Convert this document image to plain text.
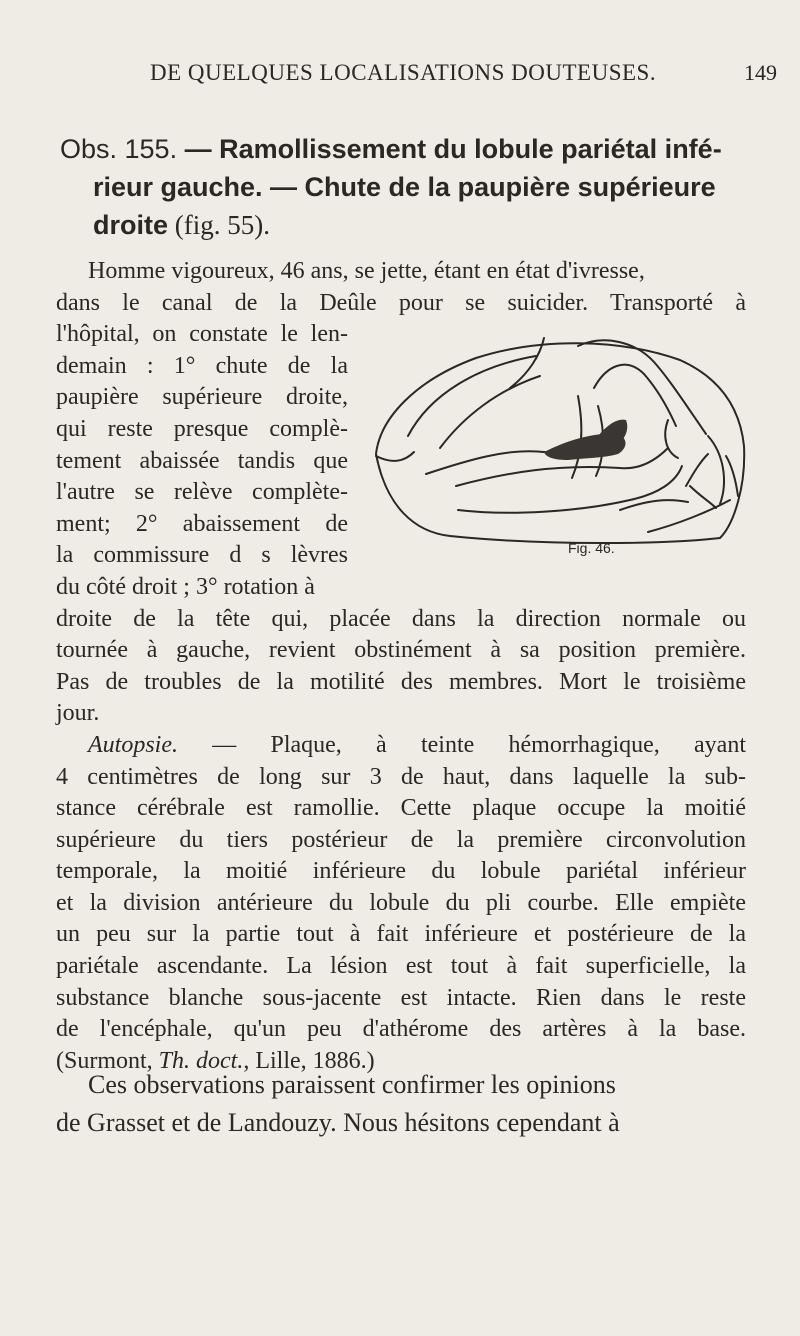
DE QUELQUES LOCALISATIONS DOUTEUSES.	149
Obs. 155. — Ramollissement du lobule pariétal infé-
rieur gauche. — Chute de la paupière supérieure
droite (fig. 55).
Homme vigoureux, 46 ans, se jette, étant en état d'ivresse,
dans le canal de la Deûle pour se suicider. Transporté à
l'hôpital, on constate le len-
demain : 1° chute de la
paupière supérieure droite,
qui reste presque complè-
tement abaissée tandis que
l'autre se relève complète-
ment; 2° abaissement de
la commissure d s lèvres
du côté droit ; 3° rotation à
droite de la tête qui, placée dans la direction normale ou
tournée à gauche, revient obstinément à sa position première.
Pas de troubles de la motilité des membres. Mort le troisième
jour.
Autopsie. — Plaque, à teinte hémorrhagique, ayant
4 centimètres de long sur 3 de haut, dans laquelle la sub-
stance cérébrale est ramollie. Cette plaque occupe la moitié
supérieure du tiers postérieur de la première circonvolution
temporale, la moitié inférieure du lobule pariétal inférieur
et la division antérieure du lobule du pli courbe. Elle empiète
un peu sur la partie tout à fait inférieure et postérieure de la
pariétale ascendante. La lésion est tout à fait superficielle, la
substance blanche sous-jacente est intacte. Rien dans le reste
de l'encéphale, qu'un peu d'athérome des artères à la base.
(Surmont, Th. doct., Lille, 1886.)
Fig. 46.
Ces observations paraissent confirmer les opinions
de Grasset et de Landouzy. Nous hésitons cependant à
